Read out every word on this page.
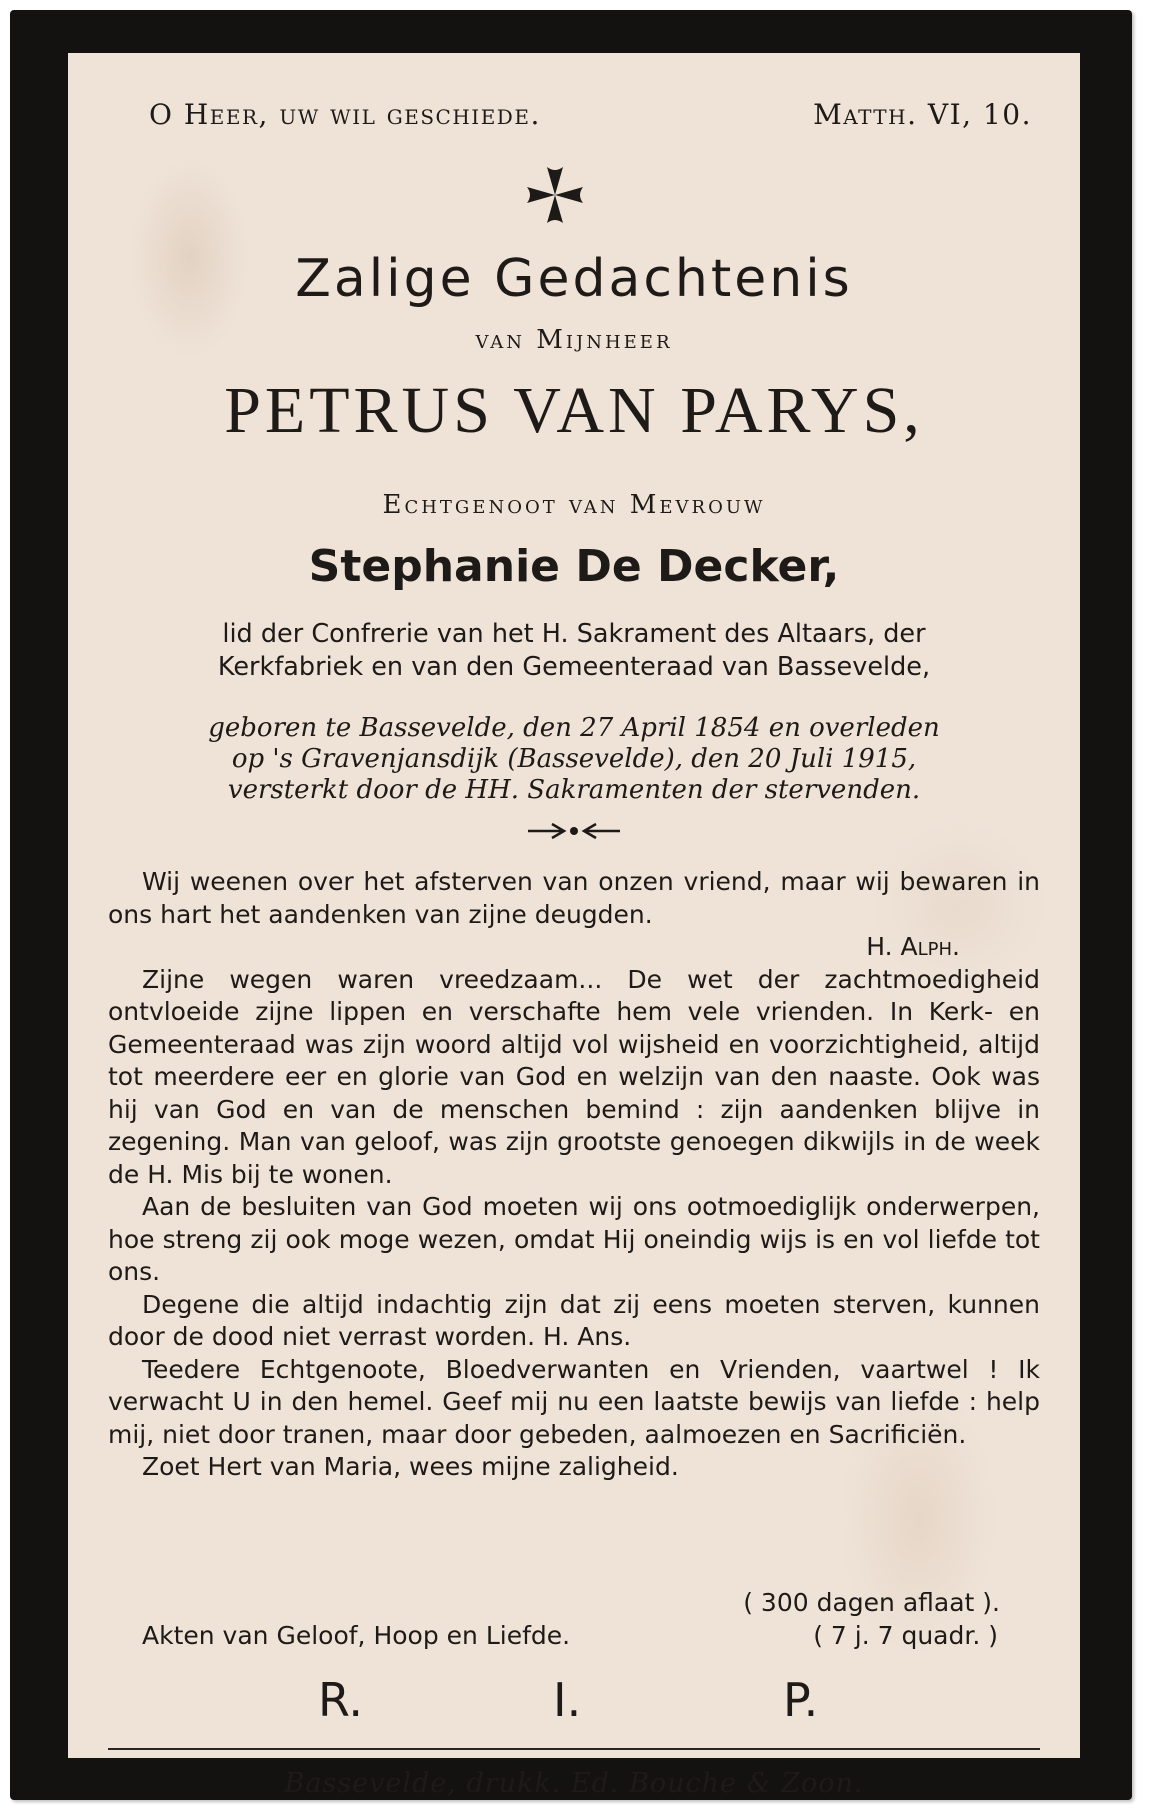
O Heer, uw wil geschiede.	Matth. VI, 10.
Zalige Gedachtenis
van Mijnheer
PETRUS VAN PARYS,
Echtgenoot van Mevrouw
Stephanie De Decker,
lid der Confrerie van het H. Sakrament des Altaars, der
Kerkfabriek en van den Gemeenteraad van Bassevelde,
geboren te Bassevelde, den 27 April 1854 en overleden
op 's Gravenjansdijk (Bassevelde), den 20 Juli 1915,
versterkt door de HH. Sakramenten der stervenden.

Wij weenen over het afsterven van onzen vriend, maar wij bewaren in ons hart het aandenken van zijne deugden.

H. Alph.

Zijne wegen waren vreedzaam... De wet der zachtmoedigheid ontvloeide zijne lippen en verschafte hem vele vrienden. In Kerk- en Gemeenteraad was zijn woord altijd vol wijsheid en voorzichtigheid, altijd tot meerdere eer en glorie van God en welzijn van den naaste. Ook was hij van God en van de menschen bemind : zijn aandenken blijve in zegening. Man van geloof, was zijn grootste genoegen dikwijls in de week de H. Mis bij te wonen.

Aan de besluiten van God moeten wij ons ootmoediglijk onderwerpen, hoe streng zij ook moge wezen, omdat Hij oneindig wijs is en vol liefde tot ons.

Degene die altijd indachtig zijn dat zij eens moeten sterven, kunnen door de dood niet verrast worden. H. Ans.

Teedere Echtgenoote, Bloedverwanten en Vrienden, vaartwel ! Ik verwacht U in den hemel. Geef mij nu een laatste bewijs van liefde : help mij, niet door tranen, maar door gebeden, aalmoezen en Sacrificiën.

Zoet Hert van Maria, wees mijne zaligheid.

( 300 dagen aflaat ).
Akten van Geloof, Hoop en Liefde.	( 7 j. 7 quadr. )
R.	I.	P.
Bassevelde, drukk. Ed. Bouche & Zoon.
